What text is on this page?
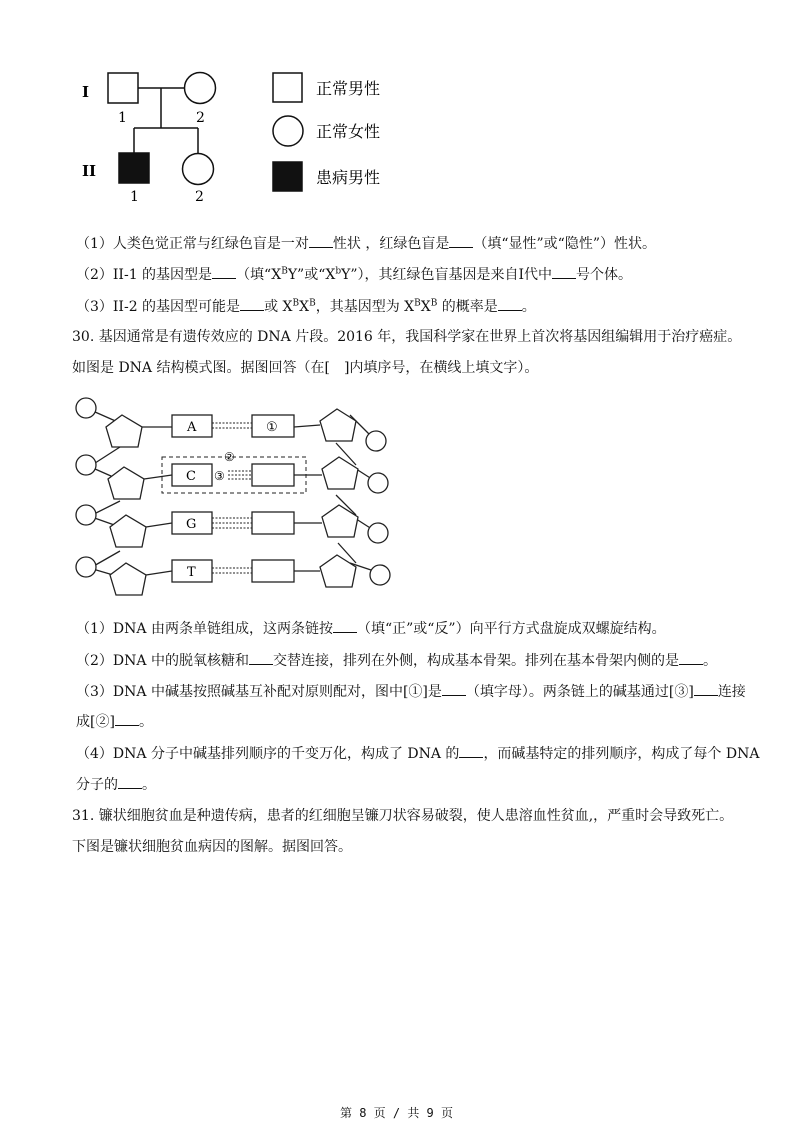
I
II
1	2
1	2
正常男性
正常女性
患病男性
（1）人类色觉正常与红绿色盲是一对 性状 ，红绿色盲是 （填“显性”或“隐性”）性状。
（2）II-1 的基因型是 （填“$X^BY$”或“$X^bY$”），其红绿色盲基因是来自I代中 号个体。
（3）II-2 的基因型可能是 或 $X^BX^B$，其基因型为 $X^BX^B$ 的概率是 。
30. 基因通常是有遗传效应的 DNA 片段。2016 年，我国科学家在世界上首次将基因组编辑用于治疗癌症。
如图是 DNA 结构模式图。据图回答（在[　]内填序号，在横线上填文字）。
A
C
G
T
①
②
③
（1）DNA 由两条单链组成，这两条链按 （填“正”或“反”）向平行方式盘旋成双螺旋结构。
（2）DNA 中的脱氧核糖和 交替连接，排列在外侧，构成基本骨架。排列在基本骨架内侧的是 。
（3）DNA 中碱基按照碱基互补配对原则配对，图中[①]是 （填字母）。两条链上的碱基通过[③] 连接
成[②] 。
（4）DNA 分子中碱基排列顺序的千变万化，构成了 DNA 的 ，而碱基特定的排列顺序，构成了每个 DNA
分子的 。
31. 镰状细胞贫血是种遗传病，患者的红细胞呈镰刀状容易破裂，使人患溶血性贫血,，严重时会导致死亡。
下图是镰状细胞贫血病因的图解。据图回答。
第 8 页 / 共 9 页
